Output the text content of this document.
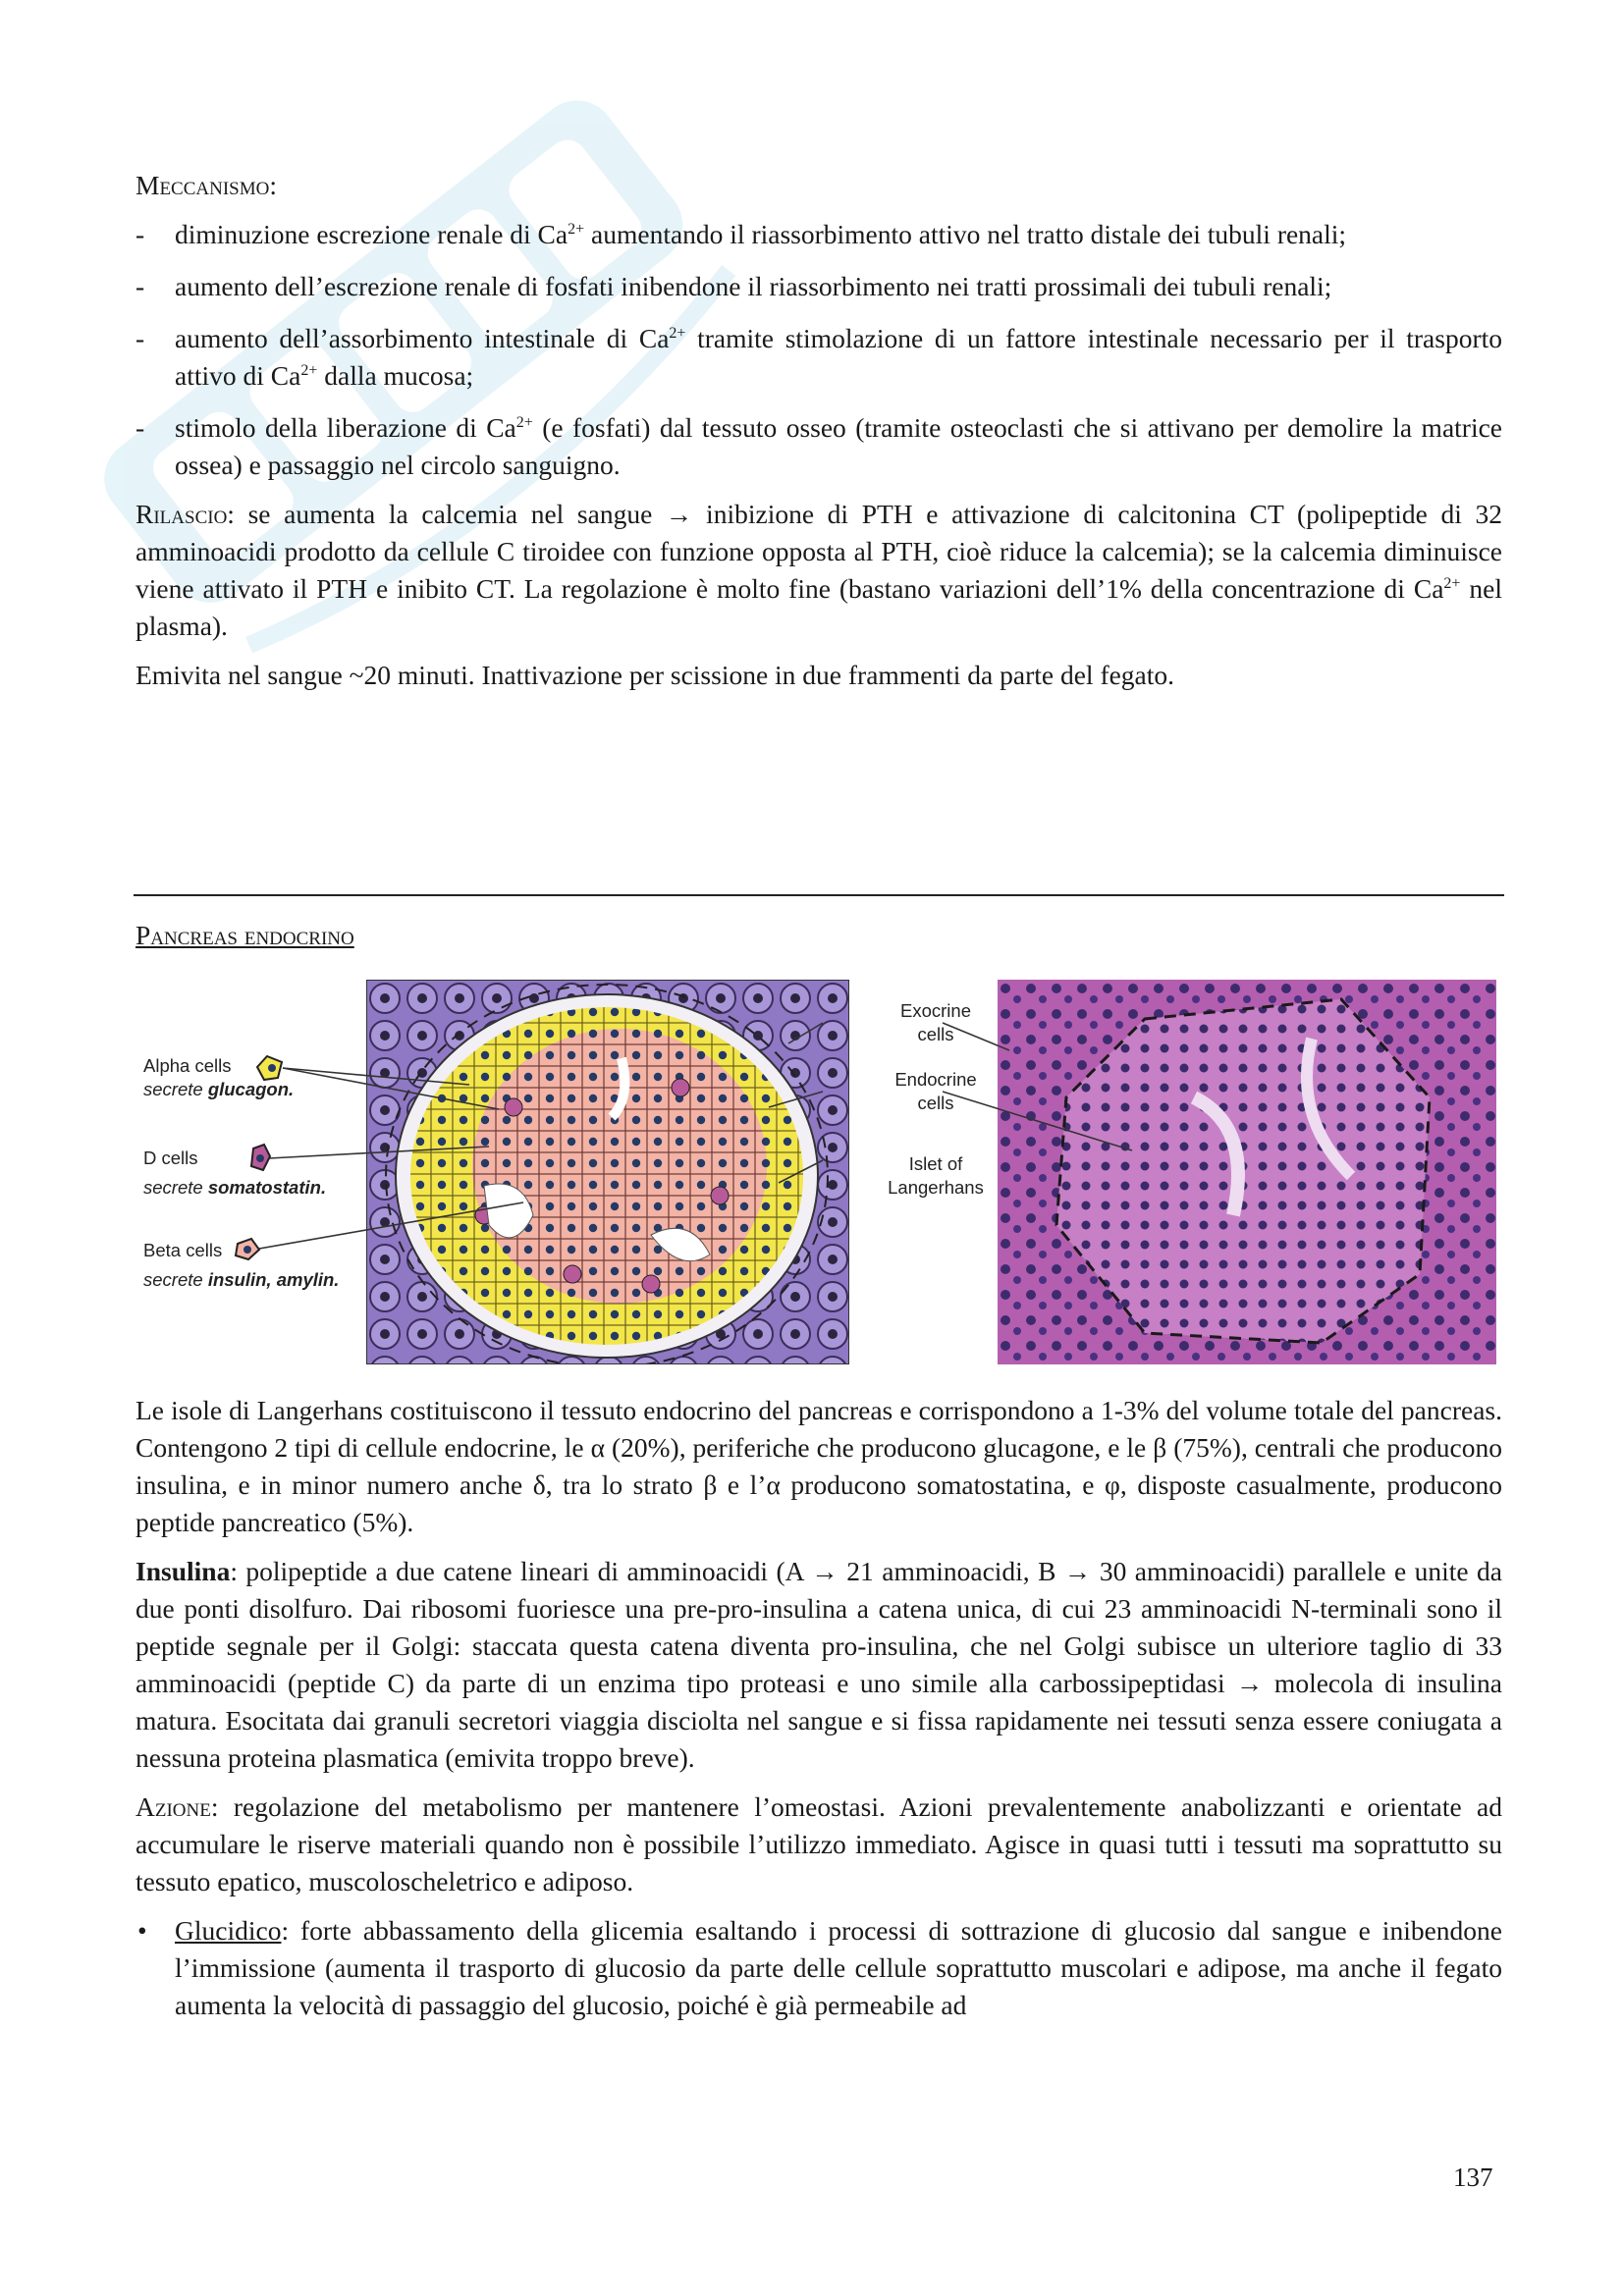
Meccanismo:

- diminuzione escrezione renale di $Ca^{2+}$ aumentando il riassorbimento attivo nel tratto distale dei tubuli renali;
- aumento dell’escrezione renale di fosfati inibendone il riassorbimento nei tratti prossimali dei tubuli renali;
- aumento dell’assorbimento intestinale di $Ca^{2+}$ tramite stimolazione di un fattore intestinale necessario per il trasporto attivo di $Ca^{2+}$ dalla mucosa;
- stimolo della liberazione di $Ca^{2+}$ (e fosfati) dal tessuto osseo (tramite osteoclasti che si attivano per demolire la matrice ossea) e passaggio nel circolo sanguigno.

Rilascio: se aumenta la calcemia nel sangue → inibizione di PTH e attivazione di calcitonina CT (polipeptide di 32 amminoacidi prodotto da cellule C tiroidee con funzione opposta al PTH, cioè riduce la calcemia); se la calcemia diminuisce viene attivato il PTH e inibito CT. La regolazione è molto fine (bastano variazioni dell’1% della concentrazione di $Ca^{2+}$ nel plasma).

Emivita nel sangue ~20 minuti. Inattivazione per scissione in due frammenti da parte del fegato.

Pancreas endocrino
Alpha cells
secrete glucagon.
D cells
secrete somatostatin.
Beta cells
secrete insulin, amylin.
Exocrine
cells
Endocrine
cells
Islet of
Langerhans

Le isole di Langerhans costituiscono il tessuto endocrino del pancreas e corrispondono a 1-3% del volume totale del pancreas. Contengono 2 tipi di cellule endocrine, le α (20%), periferiche che producono glucagone, e le β (75%), centrali che producono insulina, e in minor numero anche δ, tra lo strato β e l’α producono somatostatina, e φ, disposte casualmente, producono peptide pancreatico (5%).

Insulina: polipeptide a due catene lineari di amminoacidi (A → 21 amminoacidi, B → 30 amminoacidi) parallele e unite da due ponti disolfuro. Dai ribosomi fuoriesce una pre-pro-insulina a catena unica, di cui 23 amminoacidi N-terminali sono il peptide segnale per il Golgi: staccata questa catena diventa pro-insulina, che nel Golgi subisce un ulteriore taglio di 33 amminoacidi (peptide C) da parte di un enzima tipo proteasi e uno simile alla carbossipeptidasi → molecola di insulina matura. Esocitata dai granuli secretori viaggia disciolta nel sangue e si fissa rapidamente nei tessuti senza essere coniugata a nessuna proteina plasmatica (emivita troppo breve).

Azione: regolazione del metabolismo per mantenere l’omeostasi. Azioni prevalentemente anabolizzanti e orientate ad accumulare le riserve materiali quando non è possibile l’utilizzo immediato. Agisce in quasi tutti i tessuti ma soprattutto su tessuto epatico, muscoloscheletrico e adiposo.

• Glucidico: forte abbassamento della glicemia esaltando i processi di sottrazione di glucosio dal sangue e inibendone l’immissione (aumenta il trasporto di glucosio da parte delle cellule soprattutto muscolari e adipose, ma anche il fegato aumenta la velocità di passaggio del glucosio, poiché è già permeabile ad
137
